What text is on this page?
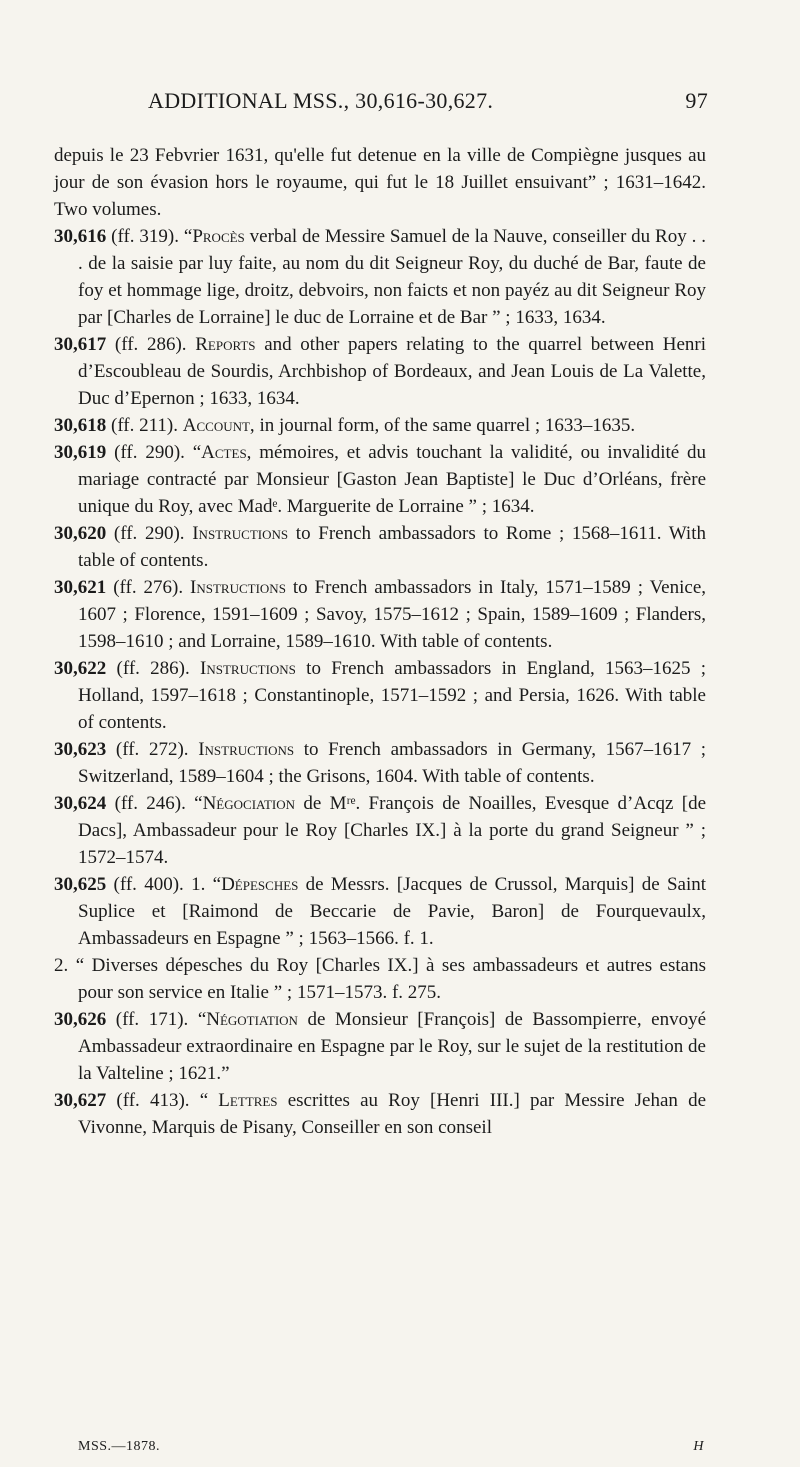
ADDITIONAL MSS., 30,616-30,627.	97

depuis le 23 Febvrier 1631, qu'elle fut detenue en la ville de Compiègne jusques au jour de son évasion hors le royaume, qui fut le 18 Juillet ensuivant” ; 1631–1642. Two volumes.

30,616 (ff. 319). “Procès verbal de Messire Samuel de la Nauve, conseiller du Roy . . . de la saisie par luy faite, au nom du dit Seigneur Roy, du duché de Bar, faute de foy et hommage lige, droitz, debvoirs, non faicts et non payéz au dit Seigneur Roy par [Charles de Lorraine] le duc de Lorraine et de Bar ” ; 1633, 1634.

30,617 (ff. 286). Reports and other papers relating to the quarrel between Henri d’Escoubleau de Sourdis, Archbishop of Bordeaux, and Jean Louis de La Valette, Duc d’Epernon ; 1633, 1634.

30,618 (ff. 211). Account, in journal form, of the same quarrel ; 1633–1635.

30,619 (ff. 290). “Actes, mémoires, et advis touchant la validité, ou invalidité du mariage contracté par Monsieur [Gaston Jean Baptiste] le Duc d’Orléans, frère unique du Roy, avec Madᵉ. Marguerite de Lorraine ” ; 1634.

30,620 (ff. 290). Instructions to French ambassadors to Rome ; 1568–1611. With table of contents.

30,621 (ff. 276). Instructions to French ambassadors in Italy, 1571–1589 ; Venice, 1607 ; Florence, 1591–1609 ; Savoy, 1575–1612 ; Spain, 1589–1609 ; Flanders, 1598–1610 ; and Lorraine, 1589–1610. With table of contents.

30,622 (ff. 286). Instructions to French ambassadors in England, 1563–1625 ; Holland, 1597–1618 ; Constantinople, 1571–1592 ; and Persia, 1626. With table of contents.

30,623 (ff. 272). Instructions to French ambassadors in Germany, 1567–1617 ; Switzerland, 1589–1604 ; the Grisons, 1604. With table of contents.

30,624 (ff. 246). “Négociation de Mʳᵉ. François de Noailles, Evesque d’Acqz [de Dacs], Ambassadeur pour le Roy [Charles IX.] à la porte du grand Seigneur ” ; 1572–1574.

30,625 (ff. 400). 1. “Dépesches de Messrs. [Jacques de Crussol, Marquis] de Saint Suplice et [Raimond de Beccarie de Pavie, Baron] de Fourquevaulx, Ambassadeurs en Espagne ” ; 1563–1566. f. 1.

2. “ Diverses dépesches du Roy [Charles IX.] à ses ambassadeurs et autres estans pour son service en Italie ” ; 1571–1573. f. 275.

30,626 (ff. 171). “Négotiation de Monsieur [François] de Bassompierre, envoyé Ambassadeur extraordinaire en Espagne par le Roy, sur le sujet de la restitution de la Valteline ; 1621.”

30,627 (ff. 413). “ Lettres escrittes au Roy [Henri III.] par Messire Jehan de Vivonne, Marquis de Pisany, Conseiller en son conseil

MSS.—1878.	H
